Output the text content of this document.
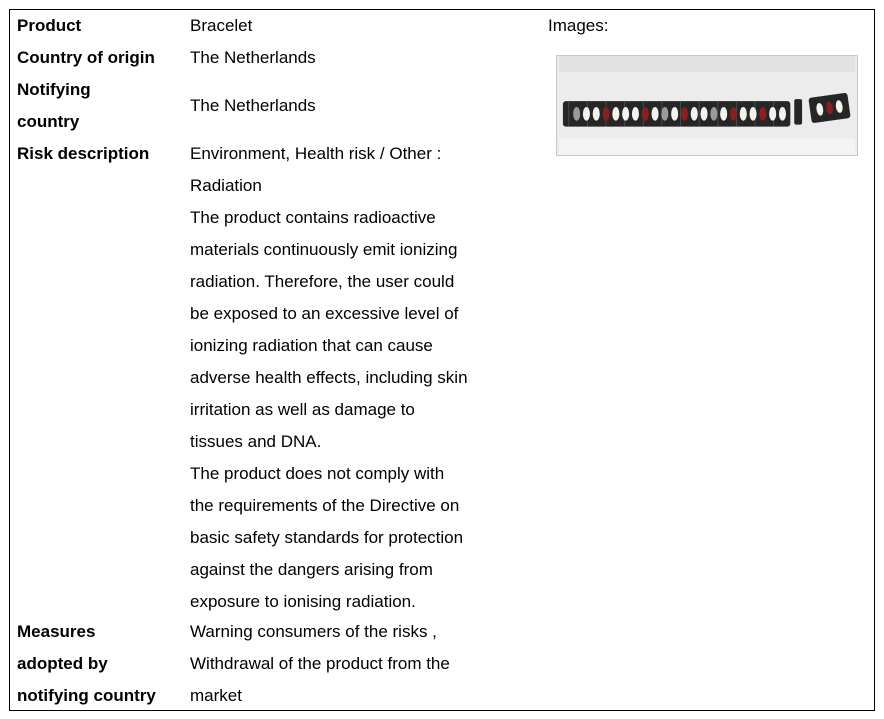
Product	Bracelet	Images:
Country of origin The Netherlands
Notifying
country
The Netherlands
Risk description Environment, Health risk / Other :
Radiation
The product contains radioactive
materials continuously emit ionizing
radiation. Therefore, the user could
be exposed to an excessive level of
ionizing radiation that can cause
adverse health effects, including skin
irritation as well as damage to
tissues and DNA.
The product does not comply with
the requirements of the Directive on
basic safety standards for protection
against the dangers arising from
exposure to ionising radiation.
Measures
adopted by
notifying country
Warning consumers of the risks ,
Withdrawal of the product from the
market
